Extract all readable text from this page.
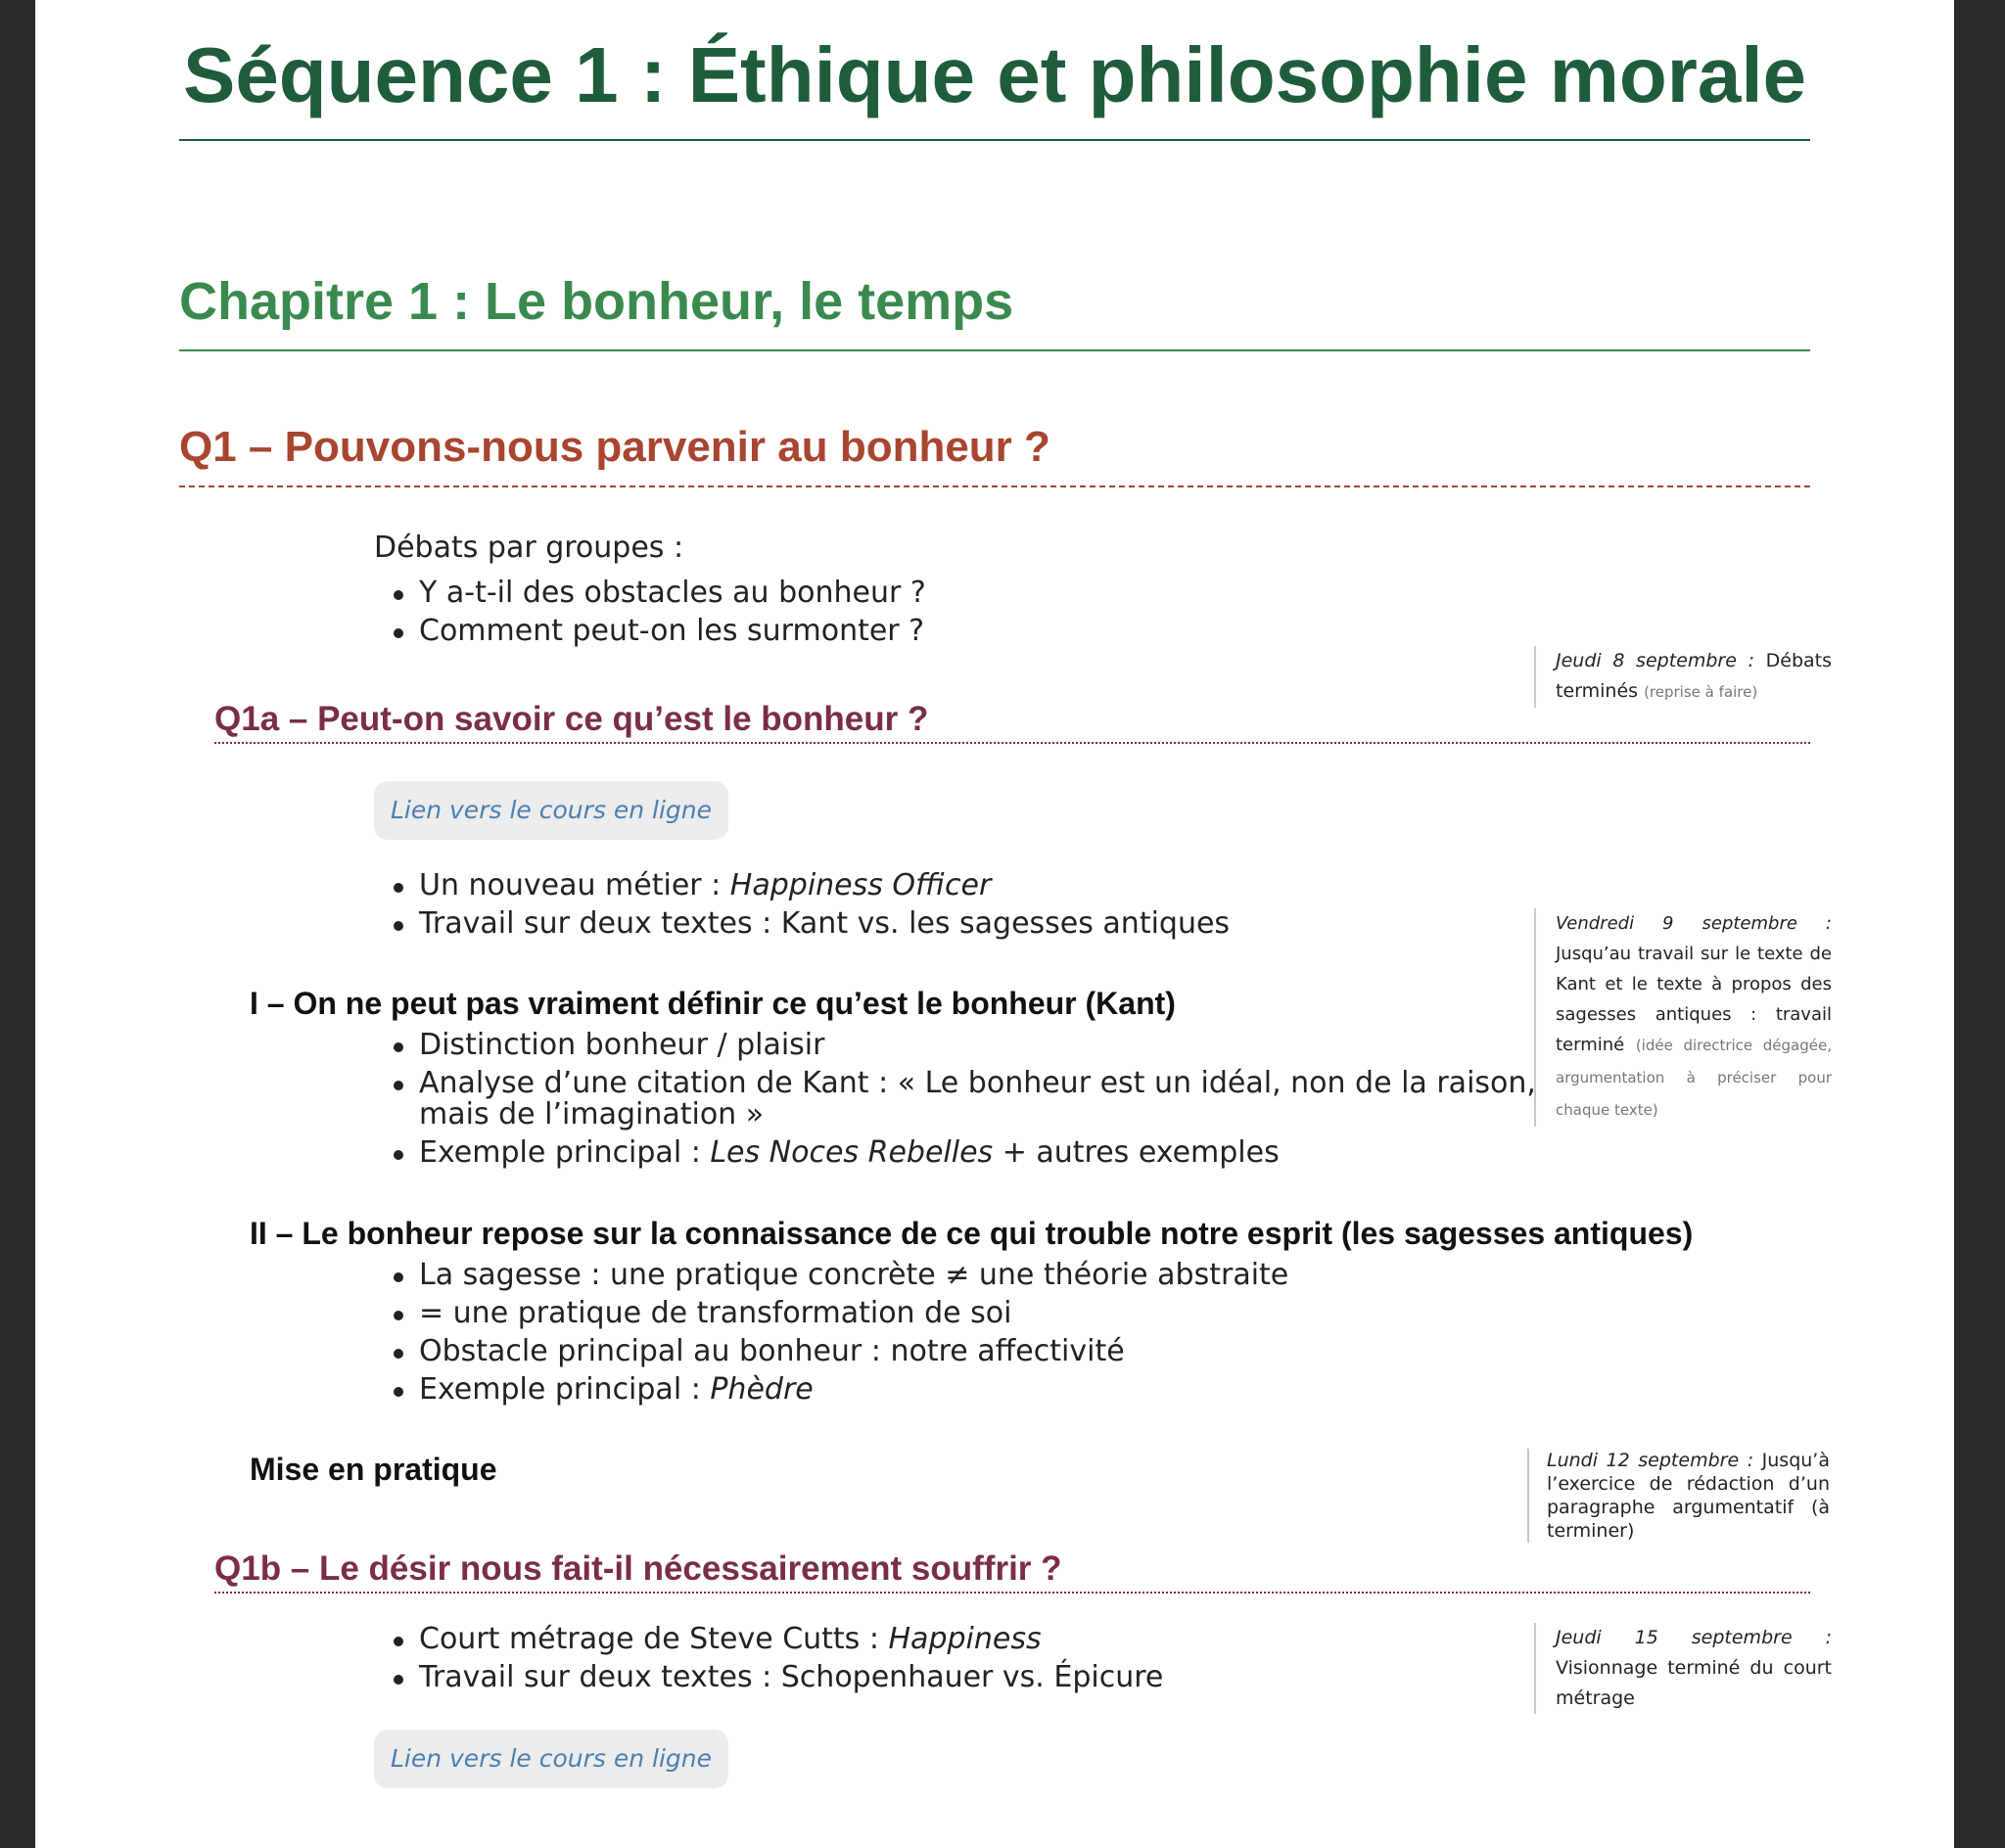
Séquence 1 : Éthique et philosophie morale
Chapitre 1 : Le bonheur, le temps
Q1 – Pouvons-nous parvenir au bonheur ?

Débats par groupes :

Y a-t-il des obstacles au bonheur ?
Comment peut-on les surmonter ?
Jeudi 8 septembre : Débats terminés (reprise à faire)
Q1a – Peut-on savoir ce qu’est le bonheur ?
Lien vers le cours en ligne
Un nouveau métier : Happiness Officer
Travail sur deux textes : Kant vs. les sagesses antiques	Vendredi 9 septembre : Jusqu’au travail sur le texte de Kant et le texte à propos des sagesses antiques : travail terminé (idée directrice dégagée, argumentation à préciser pour chaque texte)
I – On ne peut pas vraiment définir ce qu’est le bonheur (Kant)
Distinction bonheur / plaisir
Analyse d’une citation de Kant : « Le bonheur est un idéal, non de la raison, mais de l’imagination »
Exemple principal : Les Noces Rebelles + autres exemples
II – Le bonheur repose sur la connaissance de ce qui trouble notre esprit (les sagesses antiques)
La sagesse : une pratique concrète ≠ une théorie abstraite
= une pratique de transformation de soi
Obstacle principal au bonheur : notre affectivité
Exemple principal : Phèdre
Mise en pratique	Lundi 12 septembre : Jusqu’à l’exercice de rédaction d’un paragraphe argumentatif (à terminer)
Q1b – Le désir nous fait-il nécessairement souffrir ?
Court métrage de Steve Cutts : Happiness
Travail sur deux textes : Schopenhauer vs. Épicure
Jeudi 15 septembre : Visionnage terminé du court métrage
Lien vers le cours en ligne
